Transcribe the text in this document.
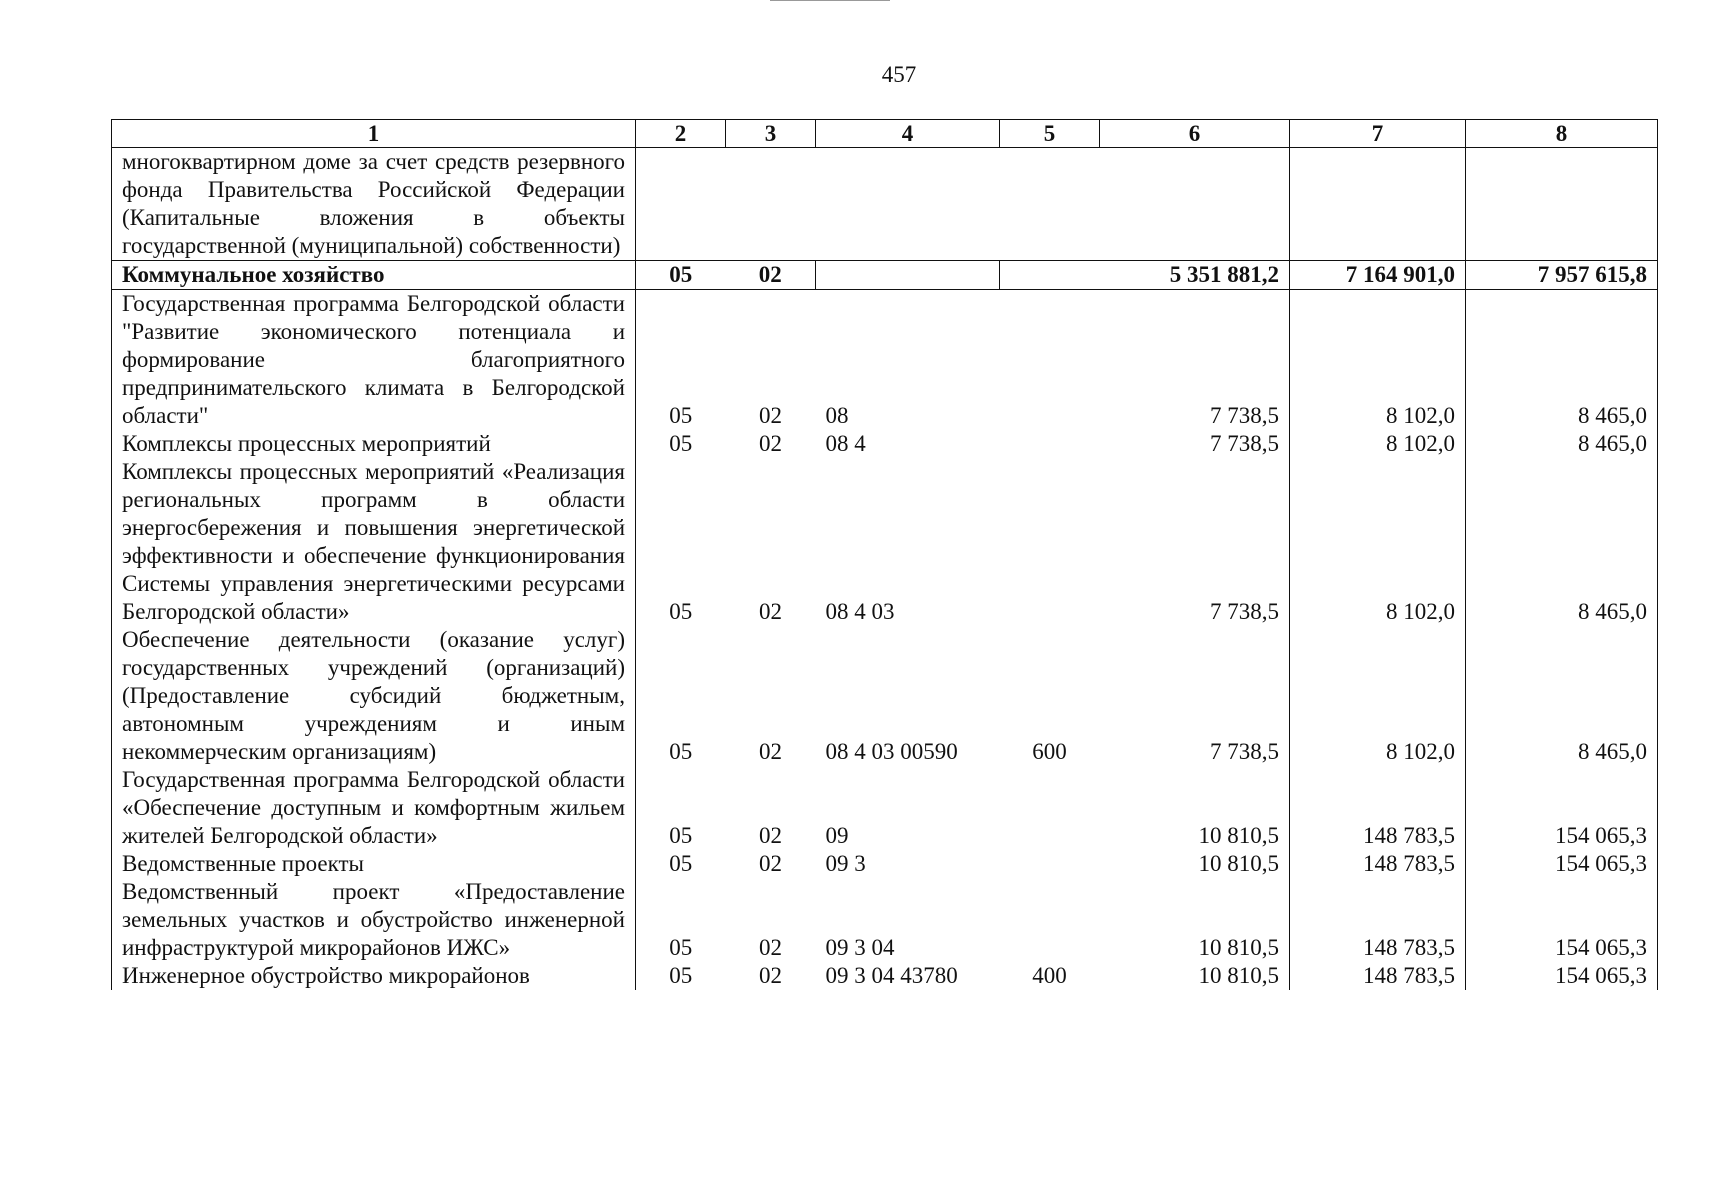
457
1	2	3	4	5	6	7	8
многоквартирном доме за счет средств резервного фонда Правительства Российской Федерации (Капитальные вложения в объекты государственной (муниципальной) собственности)							
Коммунальное хозяйство	05	02			5 351 881,2	7 164 901,0	7 957 615,8
Государственная программа Белгородской области "Развитие экономического потенциала и формирование благоприятного предпринимательского климата в Белгородской области"	05	02	08		7 738,5	8 102,0	8 465,0
Комплексы процессных мероприятий	05	02	08 4		7 738,5	8 102,0	8 465,0
Комплексы процессных мероприятий «Реализация региональных программ в области энергосбережения и повышения энергетической эффективности и обеспечение функционирования Системы управления энергетическими ресурсами Белгородской области»	05	02	08 4 03		7 738,5	8 102,0	8 465,0
Обеспечение деятельности (оказание услуг) государственных учреждений (организаций) (Предоставление субсидий бюджетным, автономным учреждениям и иным некоммерческим организациям)	05	02	08 4 03 00590	600	7 738,5	8 102,0	8 465,0
Государственная программа Белгородской области «Обеспечение доступным и комфортным жильем жителей Белгородской области»	05	02	09		10 810,5	148 783,5	154 065,3
Ведомственные проекты	05	02	09 3		10 810,5	148 783,5	154 065,3
Ведомственный проект «Предоставление земельных участков и обустройство инженерной инфраструктурой микрорайонов ИЖС»	05	02	09 3 04		10 810,5	148 783,5	154 065,3
Инженерное обустройство микрорайонов	05	02	09 3 04 43780	400	10 810,5	148 783,5	154 065,3
